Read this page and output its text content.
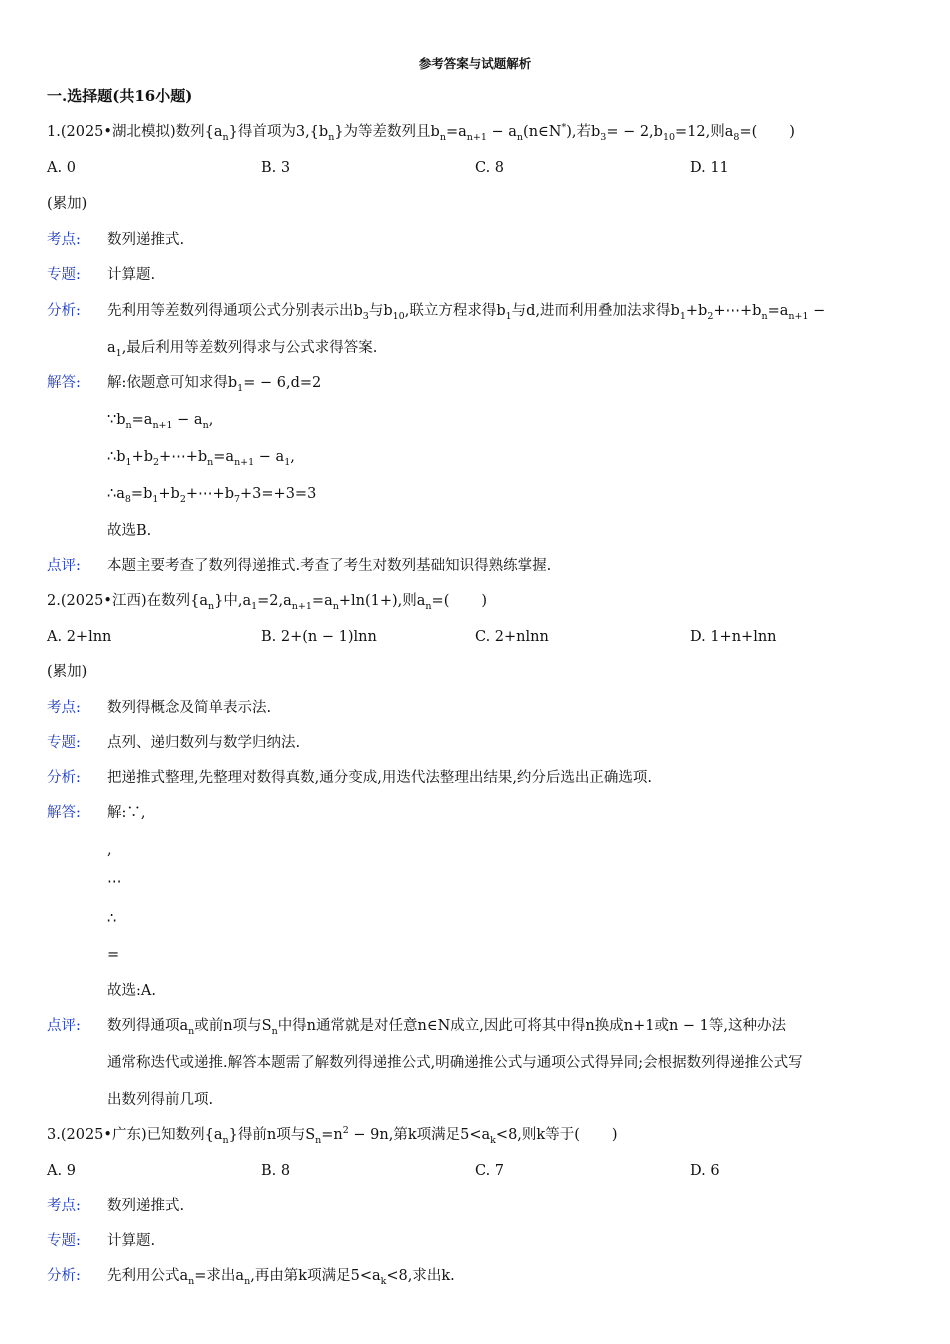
参考答案与试题解析
一.选择题(共16小题)
1.(2025•湖北模拟)数列$\{a_n\}$得首项为$3,\{b_n\}$为等差数列且$b_n=a_{n+1}$ − $a_n(n\in N^*)$,若$b_3= - 2,b_{10}=12$,则$a_8=$( )
A. 0	B. 3	C. 8	D. 11
(累加)
考点: 数列递推式.
专题: 计算题.
分析: 先利用等差数列得通项公式分别表示出$b_3$与$b_{10}$,联立方程求得$b_1$与d,进而利用叠加法求得$b_1+b_2+\cdots+b_n=a_{n+1}$ −
$a_1$,最后利用等差数列得求与公式求得答案.
解答: 解:依题意可知求得$b_1= - 6,d=2$
$\because b_n=a_{n+1} - a_n$,
$\therefore b_1+b_2+\cdots+b_n=a_{n+1} - a_1$,
$\therefore a_8=b_1+b_2+\cdots+b_7+3=+3=3$
故选B.
点评: 本题主要考查了数列得递推式.考查了考生对数列基础知识得熟练掌握.
2.(2025•江西)在数列$\{a_n\}$中$,a_1=2,a_{n+1}=a_n+\ln(1+)$,则$a_n=$( )
A. 2+lnn	B. 2+(n − 1)lnn	C. 2+nlnn	D. 1+n+lnn
(累加)
考点: 数列得概念及简单表示法.
专题: 点列、递归数列与数学归纳法.
分析: 把递推式整理,先整理对数得真数,通分变成,用迭代法整理出结果,约分后选出正确选项.
解答: 解:∵,
,
⋯
∴
=
故选:A.
点评: 数列得通项$a_n$或前n项与$S_n$中得n通常就是对任意n∈N成立,因此可将其中得n换成n+1或n − 1等,这种办法
通常称迭代或递推.解答本题需了解数列得递推公式,明确递推公式与通项公式得异同;会根据数列得递推公式写
出数列得前几项.
3.(2025•广东)已知数列$\{a_n\}$得前n项与$S_n=n^2 - 9n$,第k项满足$5<a_k<8$,则k等于( )
A. 9	B. 8	C. 7	D. 6
考点: 数列递推式.
专题: 计算题.
分析: 先利用公式$a_n=$求出$a_n$,再由第k项满足$5<a_k<8$,求出k.
